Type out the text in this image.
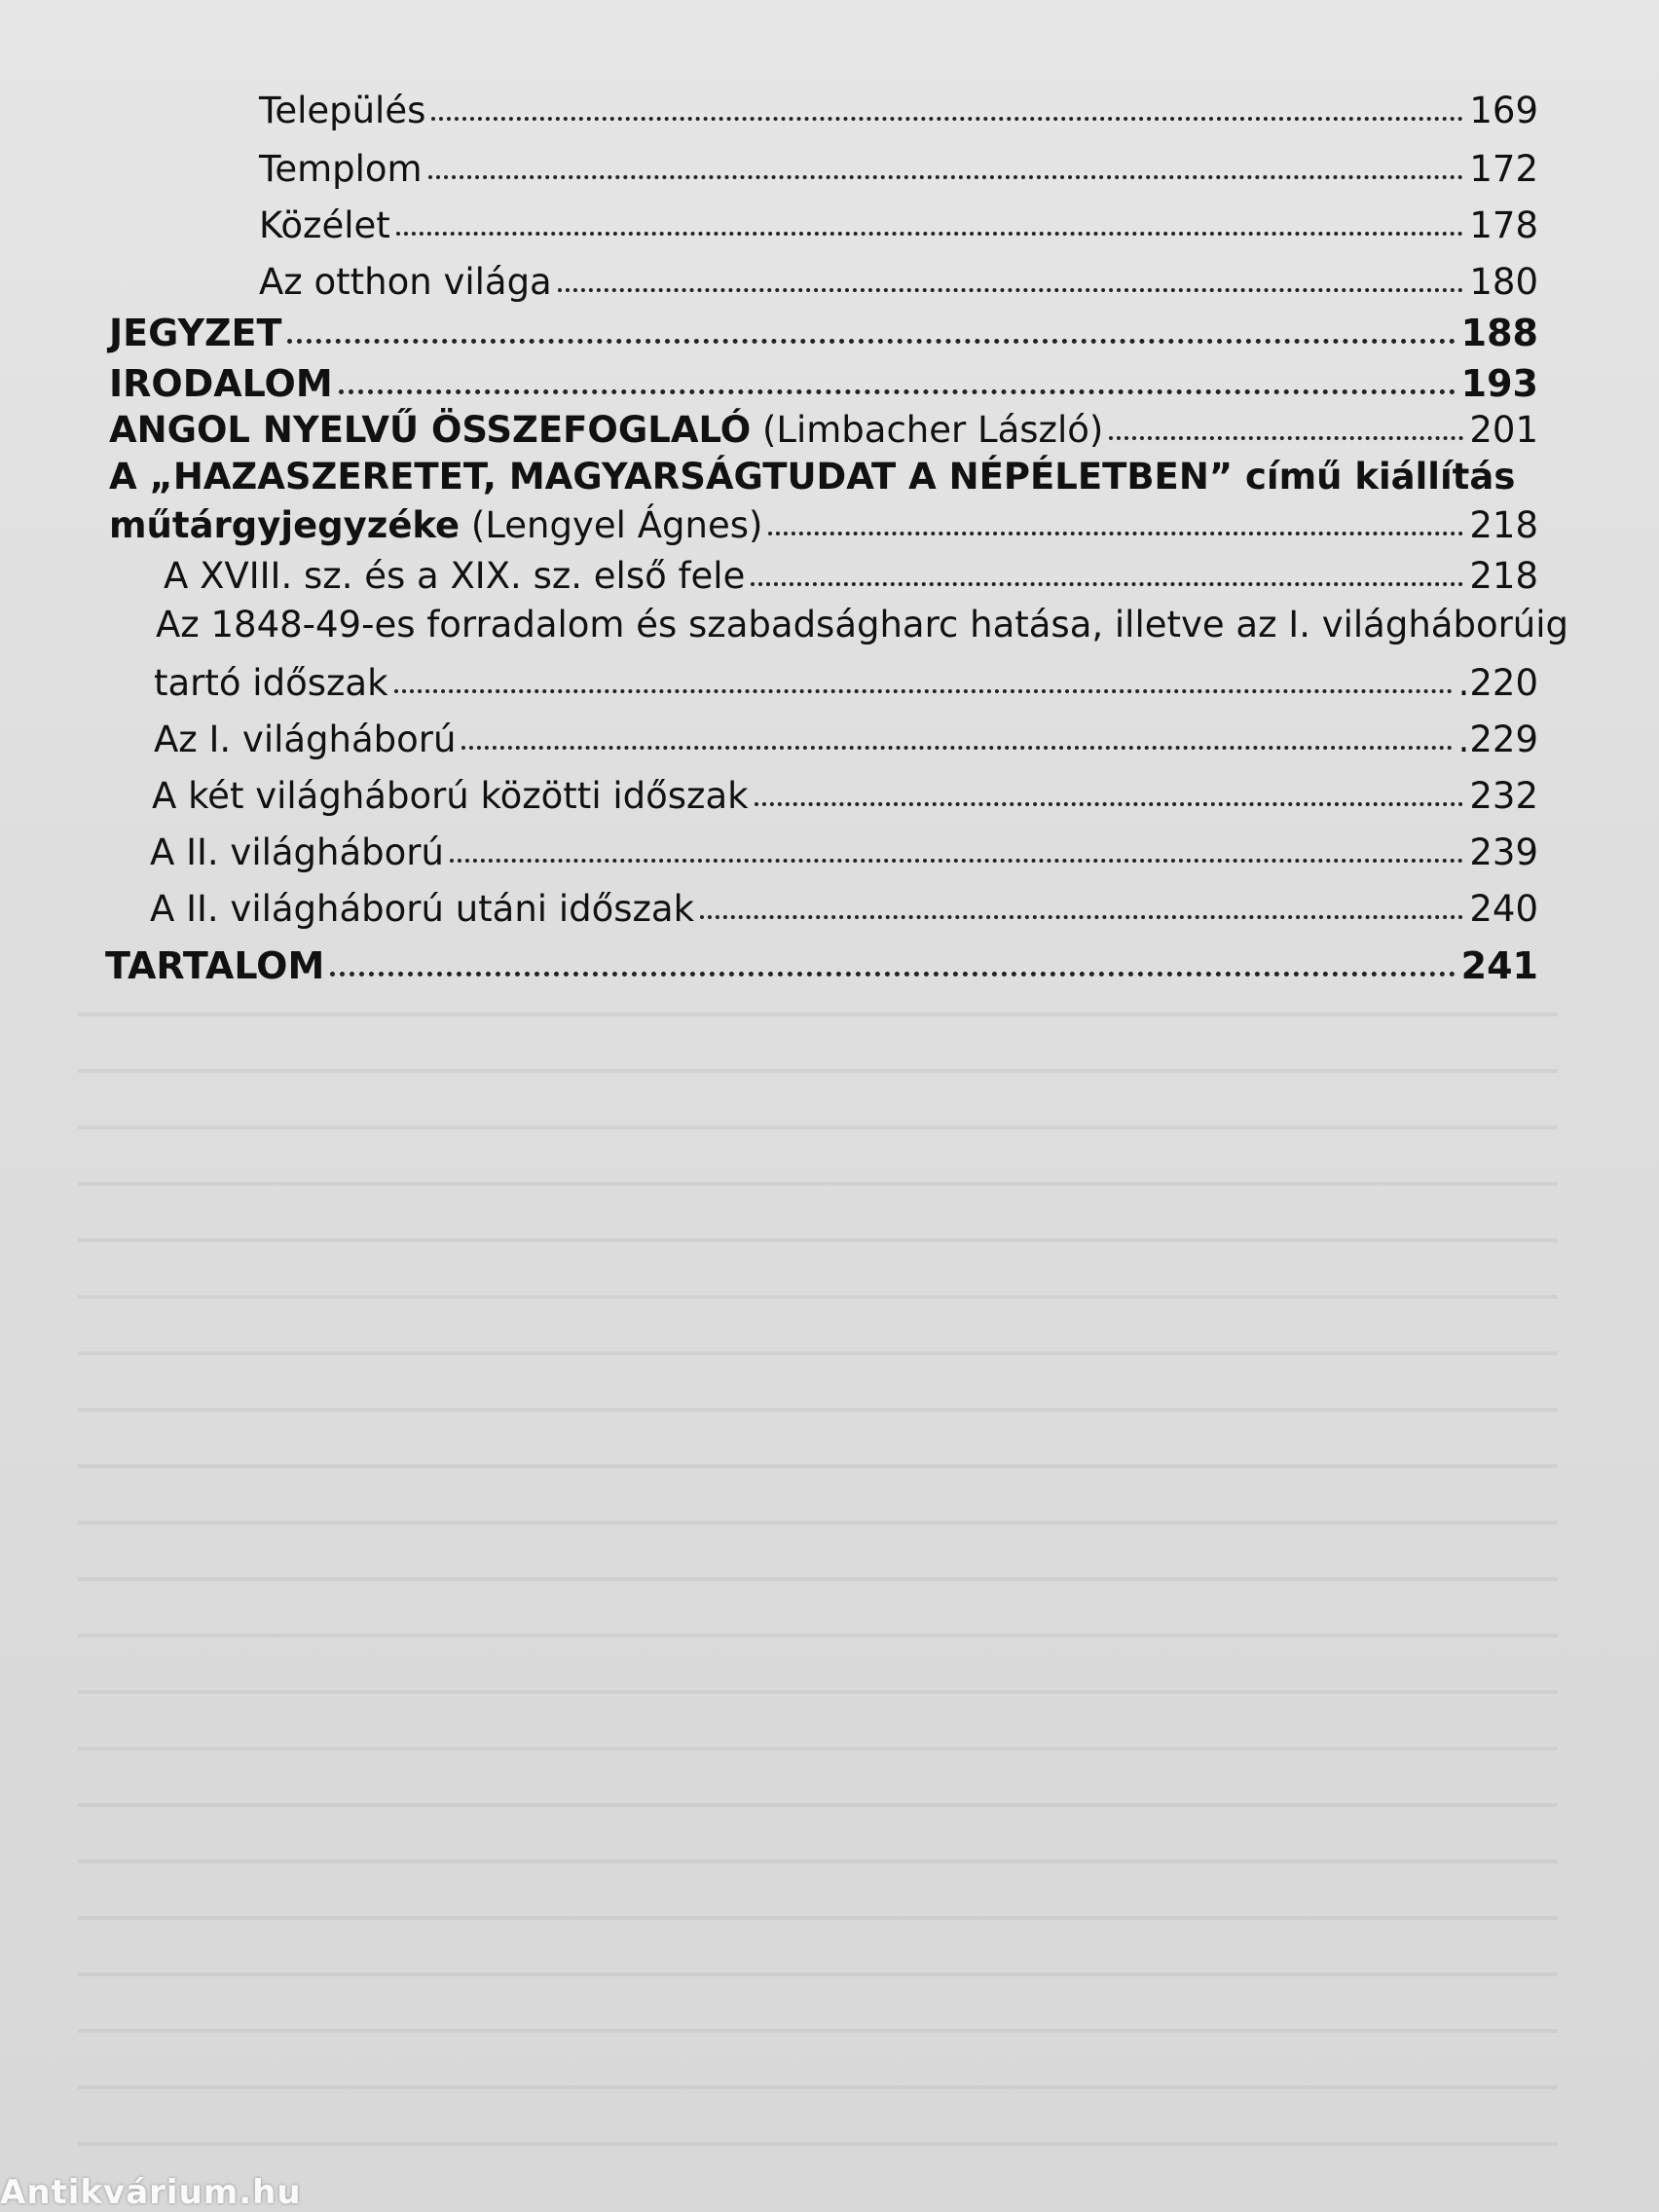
Település	169
Templom	172
Közélet	178
Az otthon világa	180
JEGYZET	188
IRODALOM	193
ANGOL NYELVŰ ÖSSZEFOGLALÓ (Limbacher László)	201
A „HAZASZERETET, MAGYARSÁGTUDAT A NÉPÉLETBEN” című kiállítás
műtárgyjegyzéke (Lengyel Ágnes)	218
A XVIII. sz. és a XIX. sz. első fele	218
Az 1848-49-es forradalom és szabadságharc hatása, illetve az I. világháborúig
tartó időszak	.220
Az I. világháború	.229
A két világháború közötti időszak	232
A II. világháború	239
A II. világháború utáni időszak	240
TARTALOM	241
Antikvárium.hu
